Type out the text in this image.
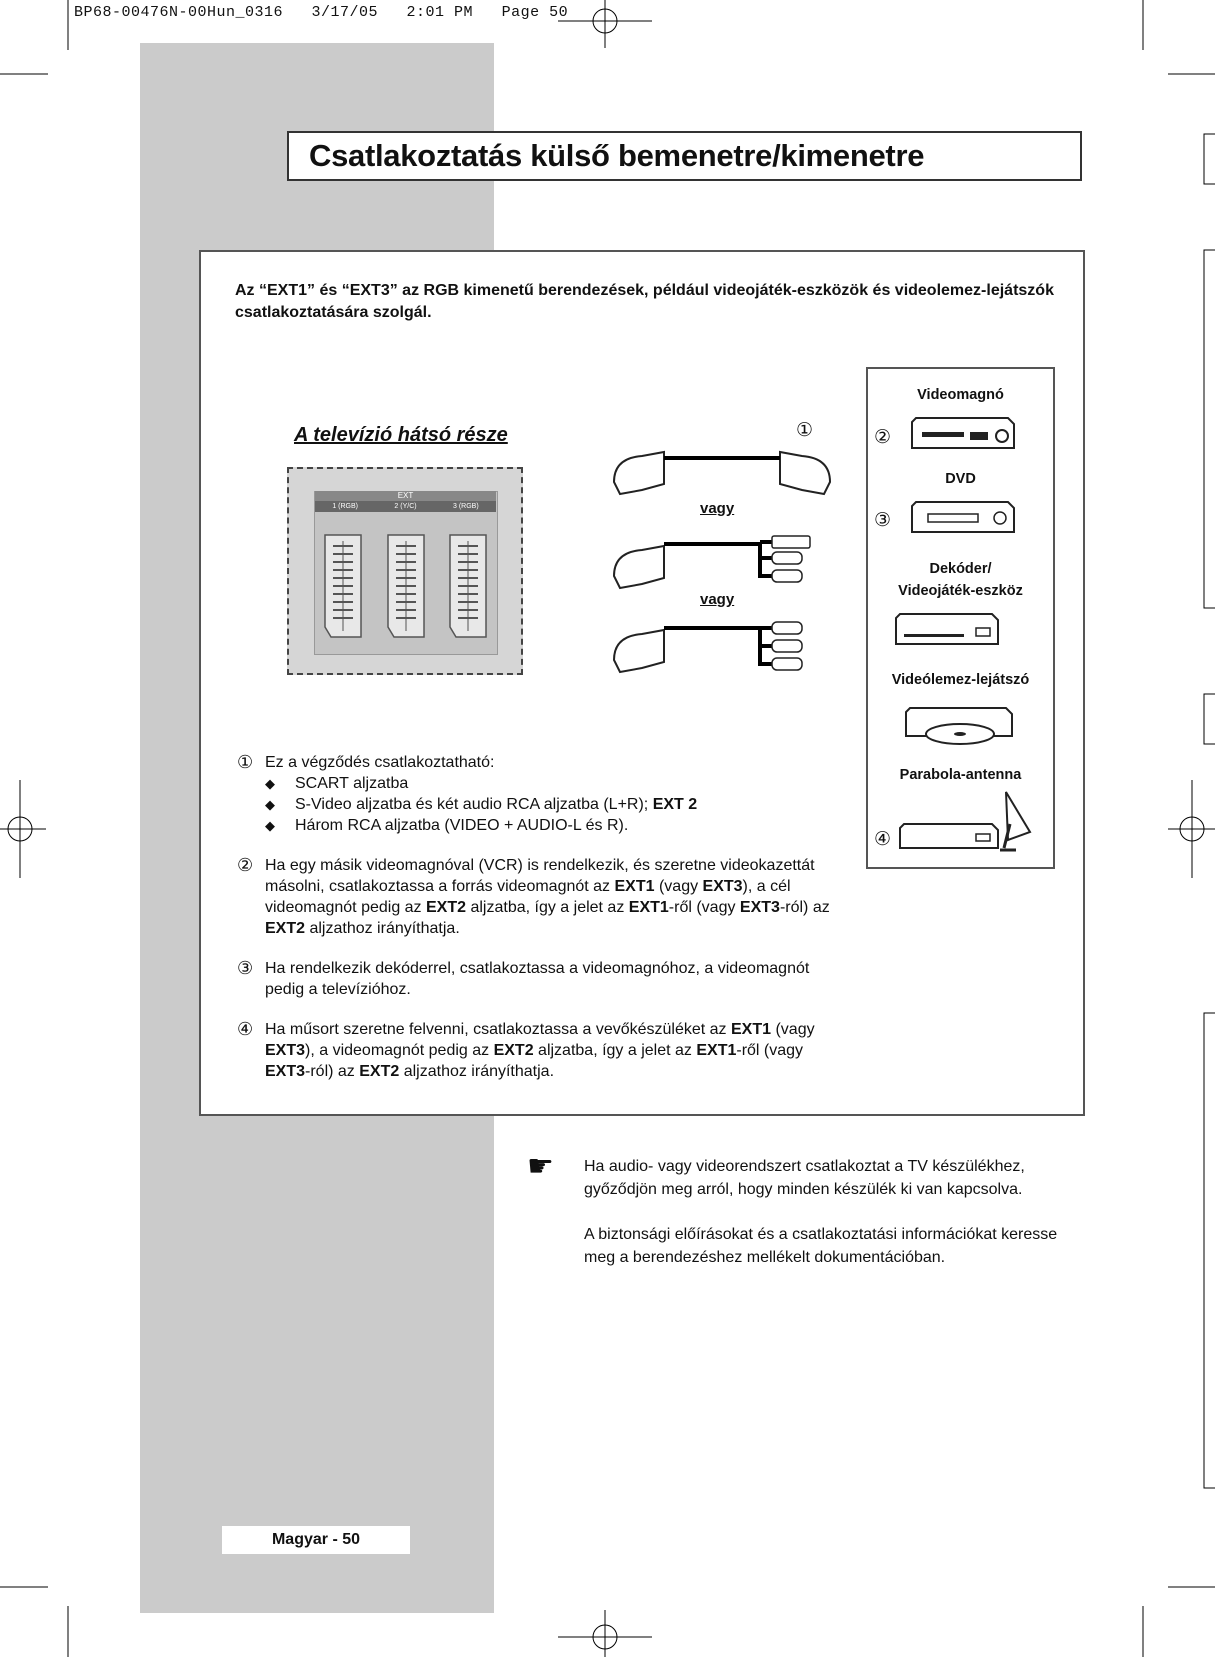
BP68-00476N-00Hun_0316   3/17/05   2:01 PM   Page 50
Csatlakoztatás külső bemenetre/kimenetre
Az “EXT1” és “EXT3” az RGB kimenetű berendezések, például videojáték-eszközök és videolemez-lejátszók csatlakoztatására szolgál.
A televízió hátsó része
EXT
1 (RGB)	2 (Y/C)	3 (RGB)
①
vagy
vagy
Videomagnó
②
DVD
③
Dekóder/
Videojáték-eszköz
Videólemez-lejátszó
Parabola-antenna
④
① Ez a végződés csatlakoztatható:
◆ SCART aljzatba
◆ S-Video aljzatba és két audio RCA aljzatba (L+R); EXT 2
◆ Három RCA aljzatba (VIDEO + AUDIO-L és R).
② Ha egy másik videomagnóval (VCR) is rendelkezik, és szeretne videokazettát másolni, csatlakoztassa a forrás videomagnót az EXT1 (vagy EXT3), a cél videomagnót pedig az EXT2 aljzatba, így a jelet az EXT1-ről (vagy EXT3-ról) az EXT2 aljzathoz irányíthatja.
③ Ha rendelkezik dekóderrel, csatlakoztassa a videomagnóhoz, a videomagnót pedig a televízióhoz.
④ Ha műsort szeretne felvenni, csatlakoztassa a vevőkészüléket az EXT1 (vagy EXT3), a videomagnót pedig az EXT2 aljzatba, így a jelet az EXT1-ről (vagy EXT3-ról) az EXT2 aljzathoz irányíthatja.
☛ Ha audio- vagy videorendszert csatlakoztat a TV készülékhez, győződjön meg arról, hogy minden készülék ki van kapcsolva.

A biztonsági előírásokat és a csatlakoztatási információkat keresse meg a berendezéshez mellékelt dokumentációban.

Magyar - 50
